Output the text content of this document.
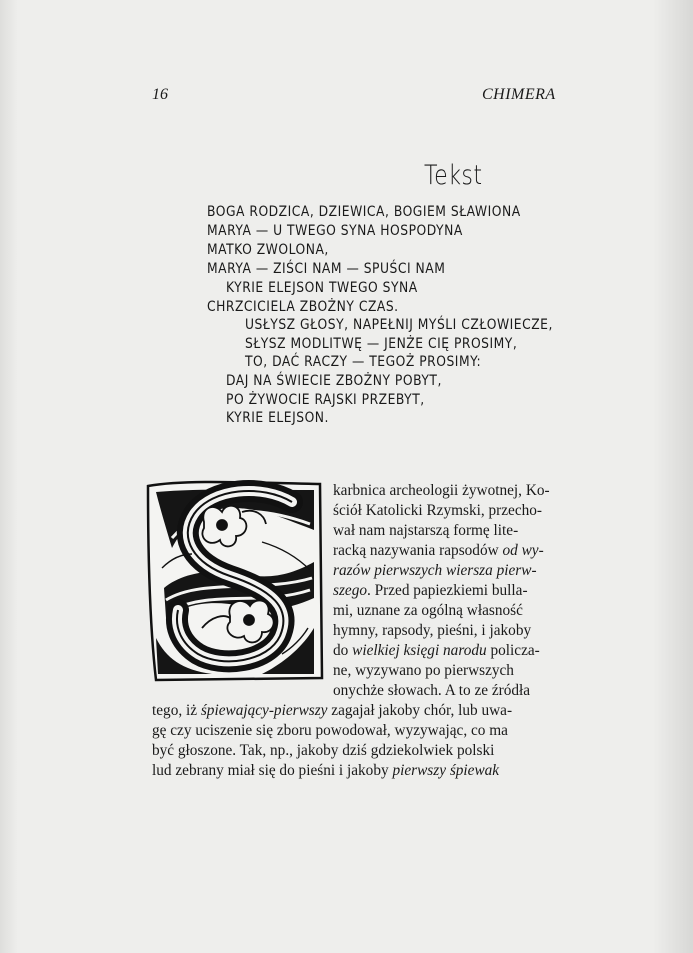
16	CHIMERA
Tekst
BOGA RODZICA, DZIEWICA, BOGIEM SŁAWIONA
MARYA — U TWEGO SYNA HOSPODYNA
MATKO ZWOLONA,
MARYA — ZIŚCI NAM — SPUŚCI NAM
KYRIE ELEJSON TWEGO SYNA
CHRZCICIELA ZBOŻNY CZAS.
USŁYSZ GŁOSY, NAPEŁNIJ MYŚLI CZŁOWIECZE,
SŁYSZ MODLITWĘ — JENŻE CIĘ PROSIMY,
TO, DAĆ RACZY — TEGOŻ PROSIMY:
DAJ NA ŚWIECIE ZBOŻNY POBYT,
PO ŻYWOCIE RAJSKI PRZEBYT,
KYRIE ELEJSON.
karbnica archeologii żywotnej, Ko-
ściół Katolicki Rzymski, przecho-
wał nam najstarszą formę lite-
racką nazywania rapsodów od wy-
razów pierwszych wiersza pierw-
szego. Przed papiezkiemi bulla-
mi, uznane za ogólną własność
hymny, rapsody, pieśni, i jakoby
do wielkiej księgi narodu policza-
ne, wyzywano po pierwszych
onychże słowach. A to ze źródła
tego, iż śpiewający-pierwszy zagajał jakoby chór, lub uwa-
gę czy uciszenie się zboru powodował, wyzywając, co ma
być głoszone. Tak, np., jakoby dziś gdziekolwiek polski
lud zebrany miał się do pieśni i jakoby pierwszy śpiewak
